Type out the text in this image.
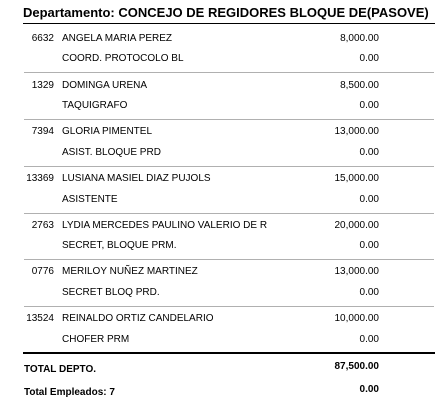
Departamento: CONCEJO DE REGIDORES BLOQUE DE(PASOVE)
6632 ANGELA MARIA PEREZ	8,000.00
COORD. PROTOCOLO BL	0.00
1329 DOMINGA URENA	8,500.00
TAQUIGRAFO	0.00
7394 GLORIA PIMENTEL	13,000.00
ASIST. BLOQUE PRD	0.00
13369 LUSIANA MASIEL DIAZ PUJOLS	15,000.00
ASISTENTE	0.00
2763 LYDIA MERCEDES PAULINO VALERIO DE R	20,000.00
SECRET, BLOQUE PRM.	0.00
0776 MERILOY NUÑEZ MARTINEZ	13,000.00
SECRET BLOQ PRD.	0.00
13524 REINALDO ORTIZ CANDELARIO	10,000.00
CHOFER PRM	0.00
TOTAL DEPTO.	87,500.00
Total Empleados: 7	0.00
